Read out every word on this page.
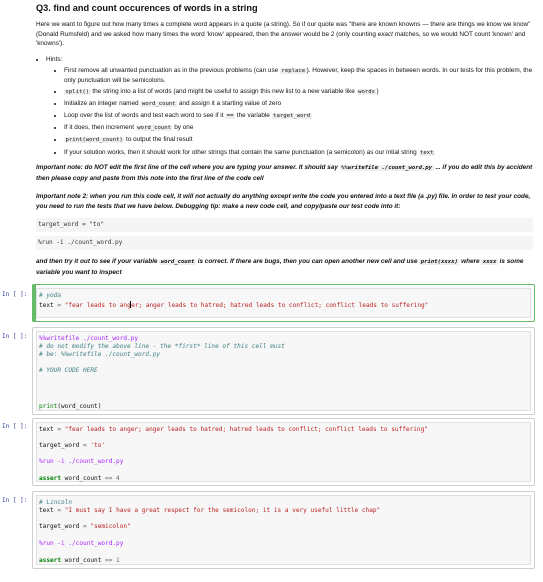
Q3. find and count occurences of words in a string
Here we want to figure out how many times a complete word appears in a quote (a string). So if our quote was "there are known knowns — there are things we know we know" (Donald Rumsfeld) and we asked how many times the word 'know' appeared, then the answer would be 2 (only counting exact matches, so we would NOT count 'known' and 'knowns').
• Hints:
• First remove all unwanted punctuation as in the previous problems (can use replace ). However, keep the spaces in between words. In our tests for this problem, the only punctuation will be semicolons.
• split() the string into a list of words (and might be useful to assign this new list to a new variable like words )
• Initialize an integer named word_count and assign it a starting value of zero
• Loop over the list of words and test each word to see if it == the variable target_word
• If it does, then increment word_count by one
• print(word_count) to output the final result
• If your solution works, then it should work for other strings that contain the same punctuation (a semicolon) as our intial string text
Important note: do NOT edit the first line of the cell where you are typing your answer. It should say %%writefile ./count_word.py ... if you do edit this by accident then please copy and paste from this note into the first line of the code cell
Important note 2: when you run this code cell, it will not actually do anything except write the code you entered into a text file (a .py) file. In order to test your code, you need to run the tests that we have below. Debugging tip: make a new code cell, and copy/paste our test code into it:
target_word = "to"
%run -i ./count_word.py
and then try it out to see if your variable word_count is correct. If there are bugs, then you can open another new cell and use print(xxxx) where xxxx is some variable you want to inspect
In [ ]: # yoda
text = "fear leads to anger; anger leads to hatred; hatred leads to conflict; conflict leads to suffering"
In [ ]: %%writefile ./count_word.py
# do not modify the above line - the *first* line of this cell must
# be: %%writefile ./count_word.py
# YOUR CODE HERE
print(word_count)
In [ ]: text = "fear leads to anger; anger leads to hatred; hatred leads to conflict; conflict leads to suffering"
target_word = 'to'
%run -i ./count_word.py
assert word_count == 4
In [ ]: # Lincoln
text = "I must say I have a great respect for the semicolon; it is a very useful little chap"
target_word = "semicolon"
%run -i ./count_word.py
assert word_count == 1
